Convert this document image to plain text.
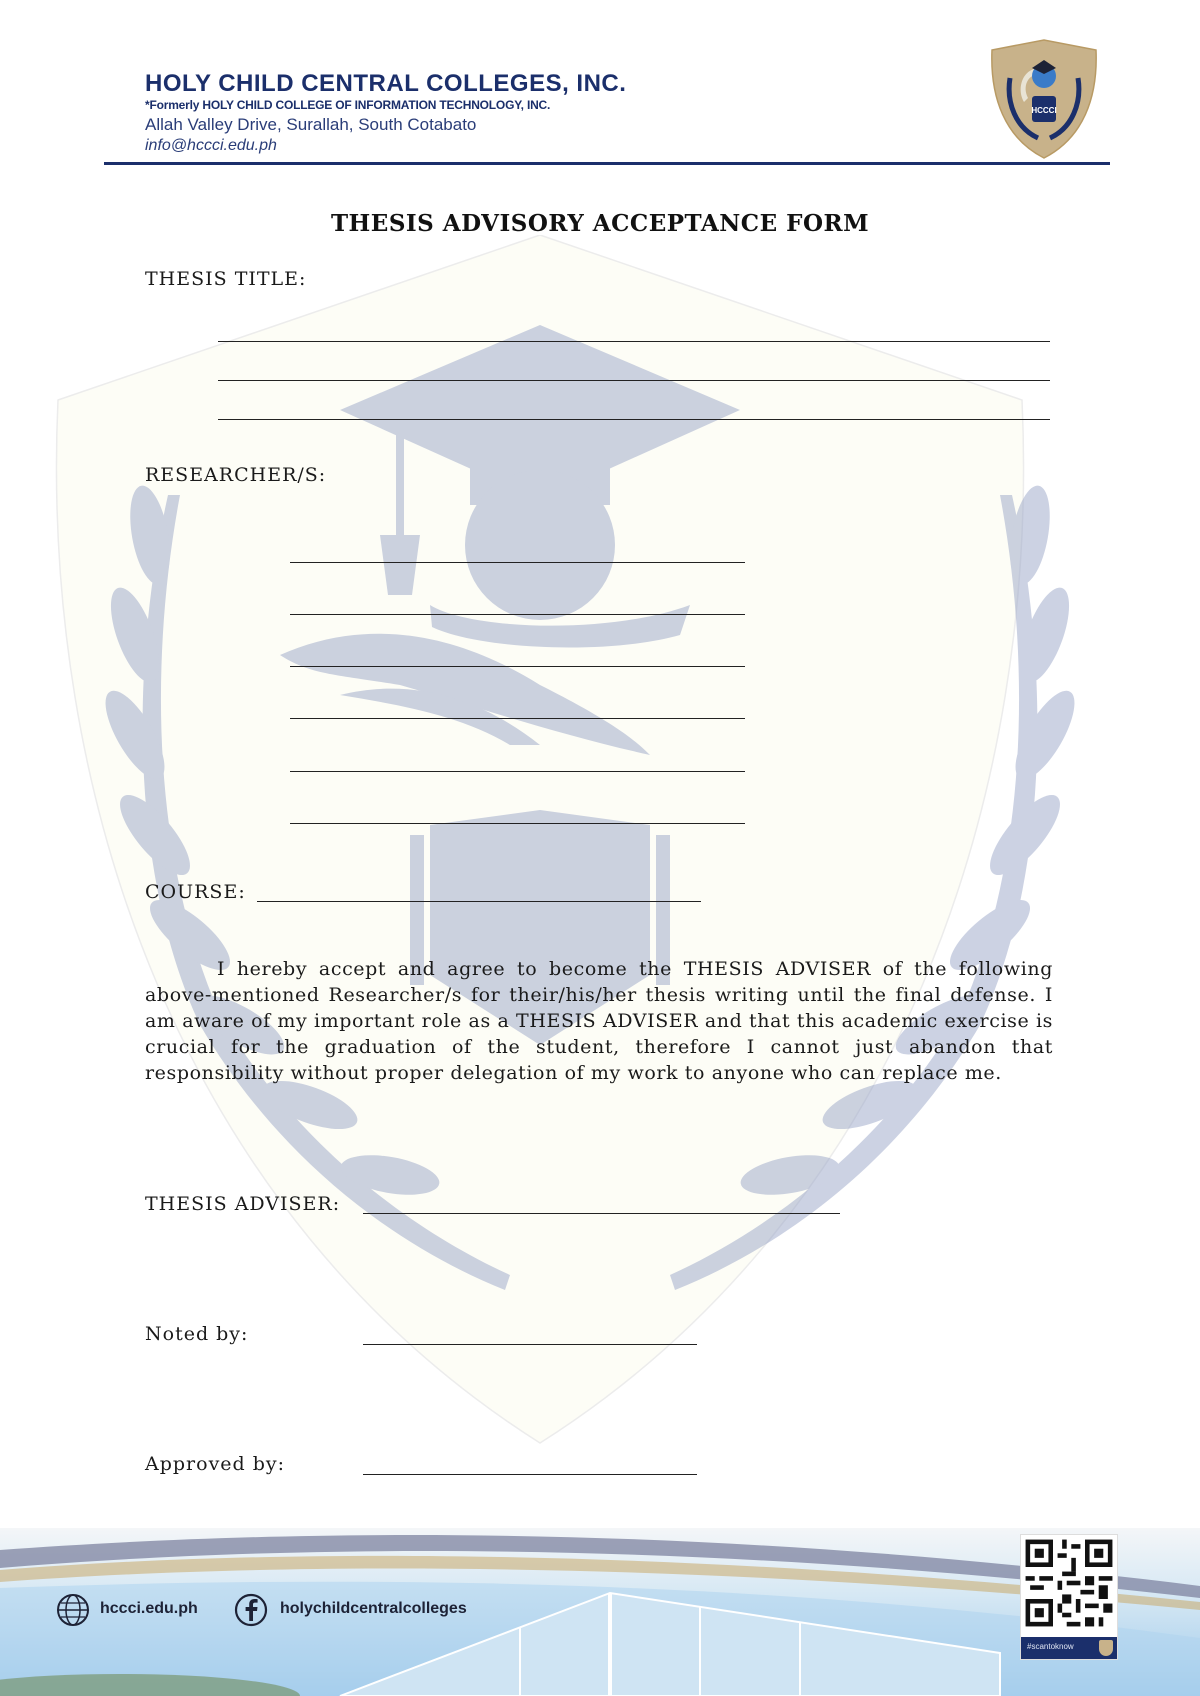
HOLY CHILD CENTRAL COLLEGES, INC.
*Formerly HOLY CHILD COLLEGE OF INFORMATION TECHNOLOGY, INC.
Allah Valley Drive, Surallah, South Cotabato
info@hccci.edu.ph
HCCCI
THESIS ADVISORY ACCEPTANCE FORM
THESIS TITLE:
RESEARCHER/S:
COURSE:
I hereby accept and agree to become the THESIS ADVISER of the following above-mentioned Researcher/s for their/his/her thesis writing until the final defense. I am aware of my important role as a THESIS ADVISER and that this academic exercise is crucial for the graduation of the student, therefore I cannot just abandon that responsibility without proper delegation of my work to anyone who can replace me.
THESIS ADVISER:
Noted by:
Approved by:
hccci.edu.ph	holychildcentralcolleges
#scantoknow
